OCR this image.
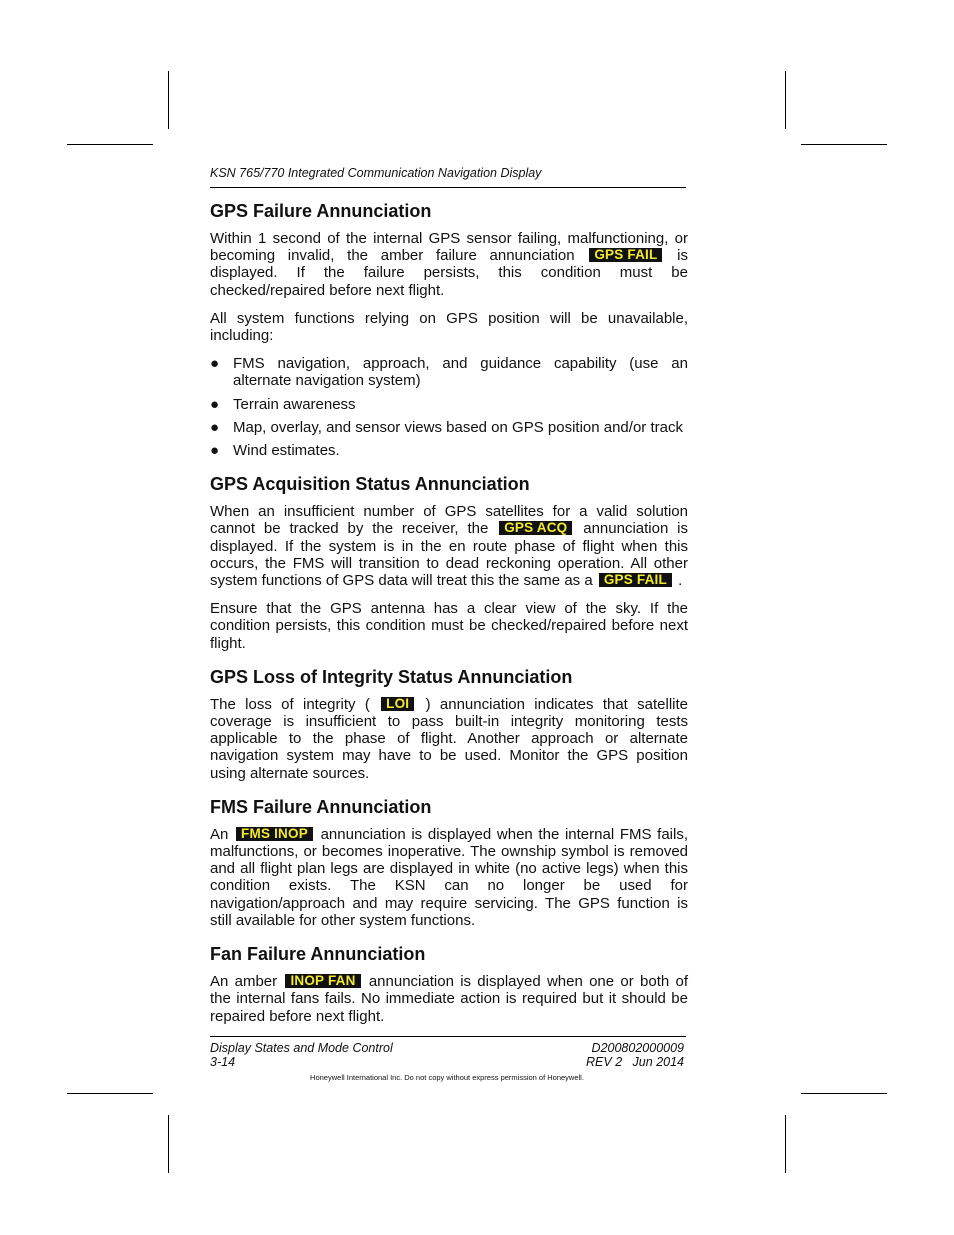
KSN 765/770 Integrated Communication Navigation Display
GPS Failure Annunciation

Within 1 second of the internal GPS sensor failing, malfunctioning, or becoming invalid, the amber failure annunciation GPS FAIL is displayed. If the failure persists, this condition must be checked/repaired before next flight.

All system functions relying on GPS position will be unavailable, including:

● FMS navigation, approach, and guidance capability (use an alternate navigation system)
● Terrain awareness
● Map, overlay, and sensor views based on GPS position and/or track
● Wind estimates.
GPS Acquisition Status Annunciation

When an insufficient number of GPS satellites for a valid solution cannot be tracked by the receiver, the GPS ACQ annunciation is displayed. If the system is in the en route phase of flight when this occurs, the FMS will transition to dead reckoning operation. All other system functions of GPS data will treat this the same as a GPS FAIL .

Ensure that the GPS antenna has a clear view of the sky. If the condition persists, this condition must be checked/repaired before next flight.

GPS Loss of Integrity Status Annunciation

The loss of integrity ( LOI ) annunciation indicates that satellite coverage is insufficient to pass built-in integrity monitoring tests applicable to the phase of flight. Another approach or alternate navigation system may have to be used. Monitor the GPS position using alternate sources.

FMS Failure Annunciation

An FMS INOP annunciation is displayed when the internal FMS fails, malfunctions, or becomes inoperative. The ownship symbol is removed and all flight plan legs are displayed in white (no active legs) when this condition exists. The KSN can no longer be used for navigation/approach and may require servicing. The GPS function is still available for other system functions.

Fan Failure Annunciation

An amber INOP FAN annunciation is displayed when one or both of the internal fans fails. No immediate action is required but it should be repaired before next flight.

Display States and Mode Control
3-14
D200802000009
REV 2   Jun 2014
Honeywell International Inc. Do not copy without express permission of Honeywell.
